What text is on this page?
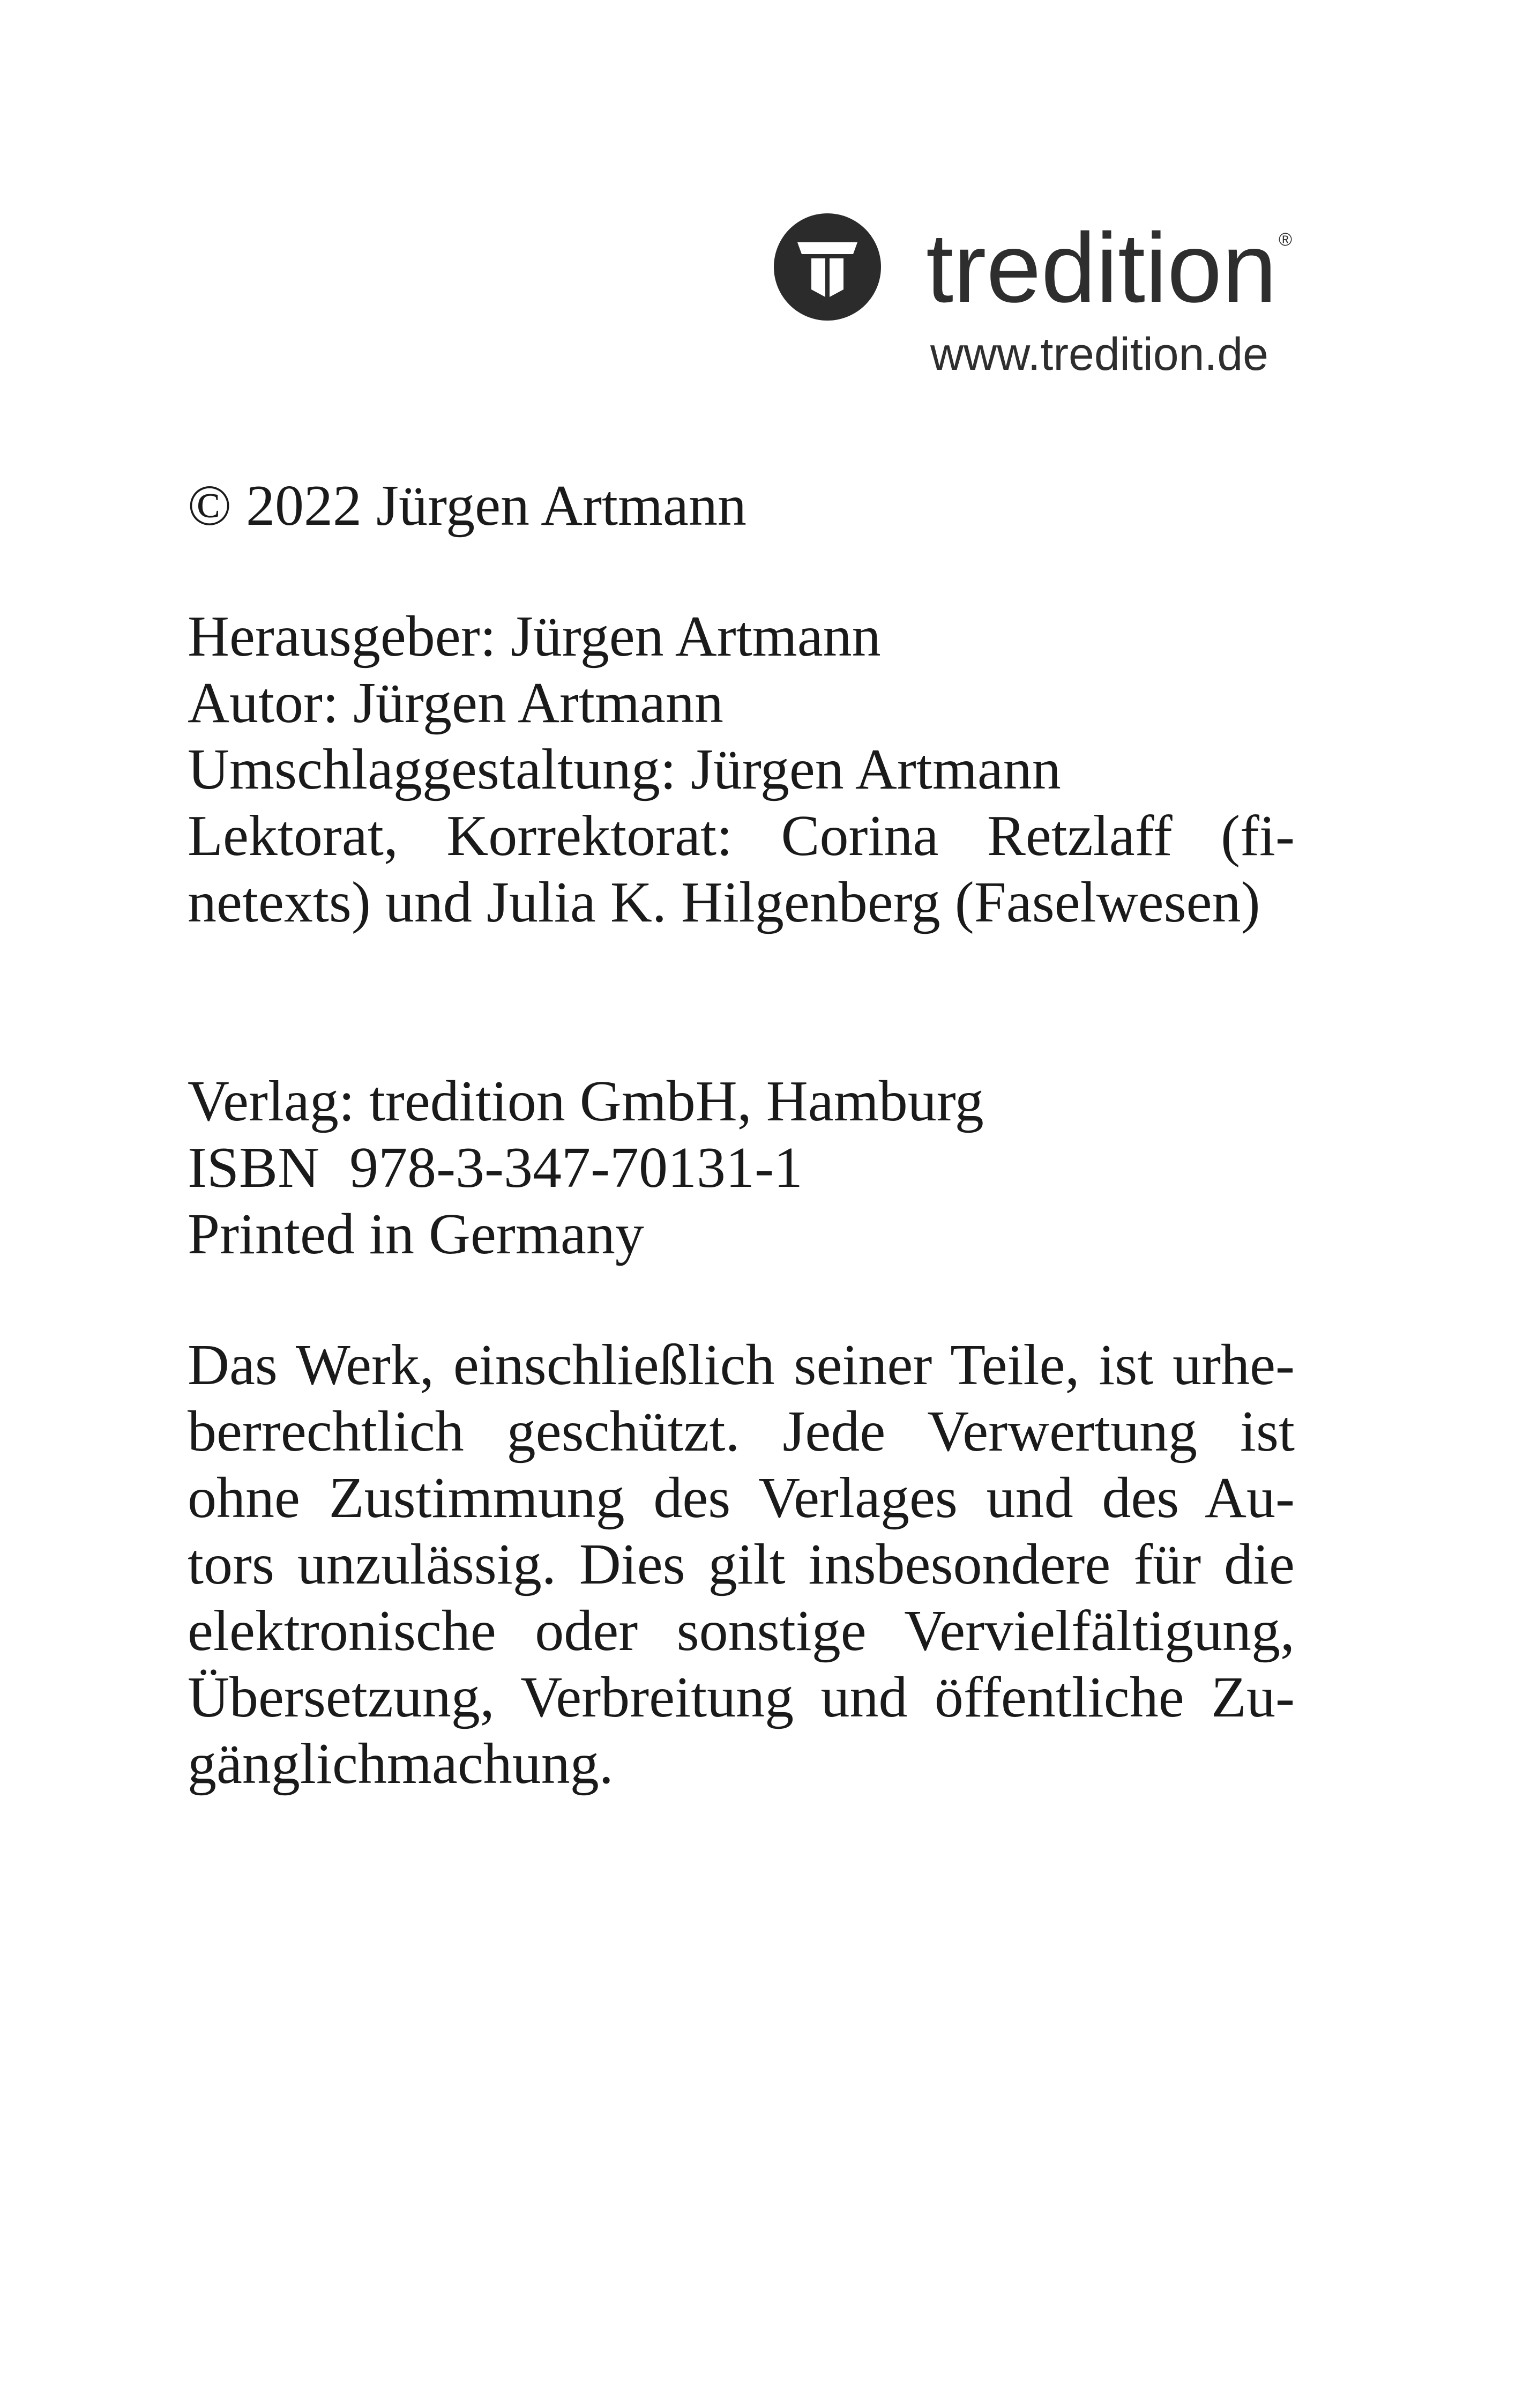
tredition ®
www.tredition.de
© 2022 Jürgen Artmann
Herausgeber: Jürgen Artmann
Autor: Jürgen Artmann
Umschlaggestaltung: Jürgen Artmann
Lektorat, Korrektorat: Corina Retzlaff (fi-
netexts) und Julia K. Hilgenberg (Faselwesen)
Verlag: tredition GmbH, Hamburg
ISBN 978-3-347-70131-1
Printed in Germany
Das Werk, einschließlich seiner Teile, ist urhe-
berrechtlich geschützt. Jede Verwertung ist
ohne Zustimmung des Verlages und des Au-
tors unzulässig. Dies gilt insbesondere für die
elektronische oder sonstige Vervielfältigung,
Übersetzung, Verbreitung und öffentliche Zu-
gänglichmachung.
